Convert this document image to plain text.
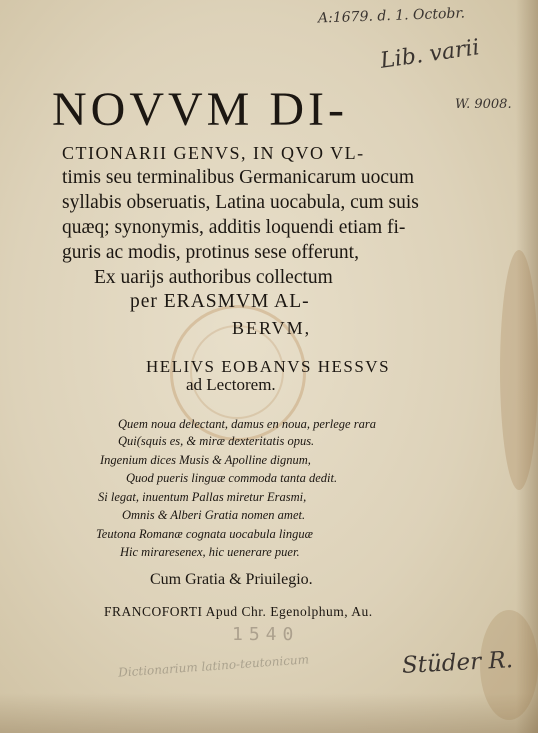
A:1679. d. 1. Octobr.
Lib. varii
W. 9008.
1540
Dictionarium latino-teutonicum	Stüder R.
NOVVM DI-
CTIONARII GENVS, IN QVO VL-
timis seu terminalibus Germanicarum uocum
syllabis obseruatis, Latina uocabula, cum suis
quæq; synonymis, additis loquendi etiam fi-
guris ac modis, protinus sese offerunt,
Ex uarijs authoribus collectum
per ERASMVM AL-
BERVM,
HELIVS EOBANVS HESSVS
ad Lectorem.
Quem noua delectant, damus en noua, perlege rara
Qui(squis es, & miræ dexteritatis opus.
Ingenium dices Musis & Apolline dignum,
Quod pueris linguæ commoda tanta dedit.
Si legat, inuentum Pallas miretur Erasmi,
Omnis & Alberi Gratia nomen amet.
Teutona Romanæ cognata uocabula linguæ
Hic miraresenex, hic uenerare puer.
Cum Gratia & Priuilegio.
FRANCOFORTI Apud Chr. Egenolphum, Au.
